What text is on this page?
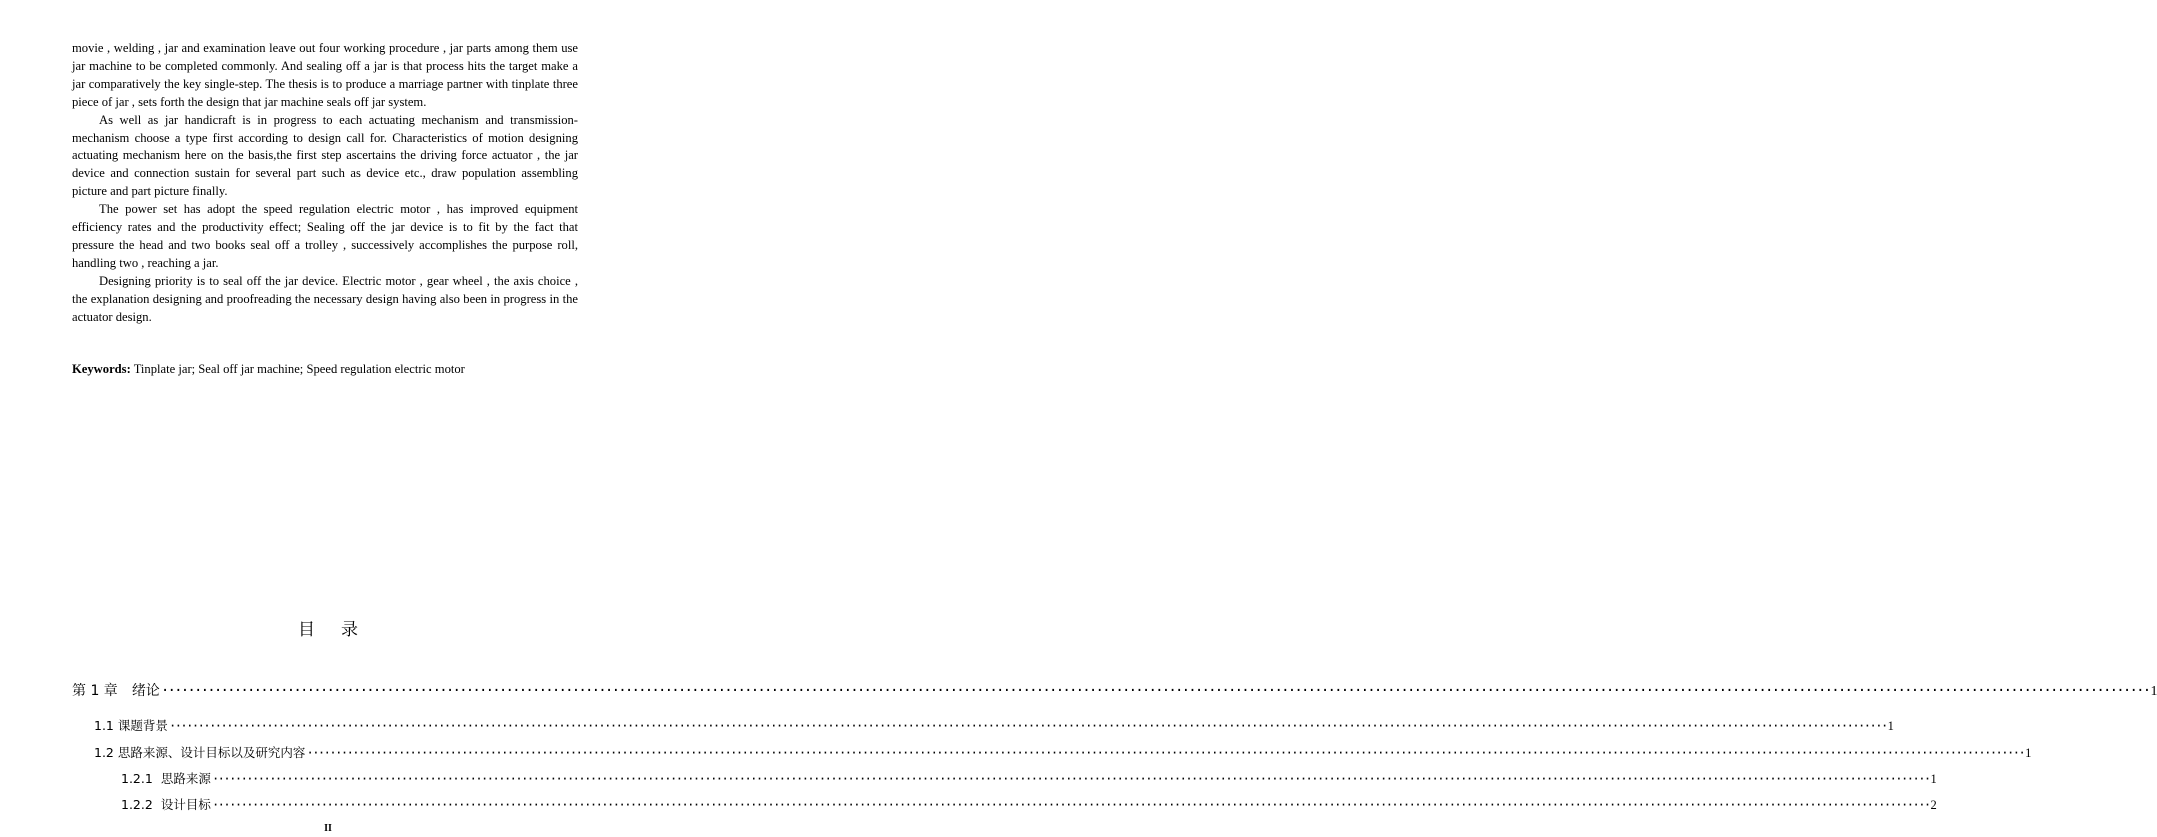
movie , welding , jar and examination leave out four working procedure , jar parts among them use jar machine to be completed commonly. And sealing off a jar is that process hits the target make a jar comparatively the key single-step. The thesis is to produce a marriage partner with tinplate three piece of jar , sets forth the design that jar machine seals off jar system.

As well as jar handicraft is in progress to each actuating mechanism and transmission-mechanism choose a type first according to design call for. Characteristics of motion designing actuating mechanism here on the basis,the first step ascertains the driving force actuator , the jar device and connection sustain for several part such as device etc., draw population assembling picture and part picture finally.

The power set has adopt the speed regulation electric motor , has improved equipment efficiency rates and the productivity effect; Sealing off the jar device is to fit by the fact that pressure the head and two books seal off a trolley , successively accomplishes the purpose roll, handling two , reaching a jar.

Designing priority is to seal off the jar device. Electric motor , gear wheel , the axis choice , the explanation designing and proofreading the necessary design having also been in progress in the actuator design.

Keywords: Tinplate jar; Seal off jar machine; Speed regulation electric motor
目 录
第 1 章 绪论 ············································································································································································································································································································ 1
1.1 课题背景 ············································································································································································································································································································ 1
1.2 思路来源、设计目标以及研究内容 ············································································································································································································································································································ 1
1.2.1 思路来源 ············································································································································································································································································································ 1
1.2.2 设计目标 ············································································································································································································································································································ 2
II
